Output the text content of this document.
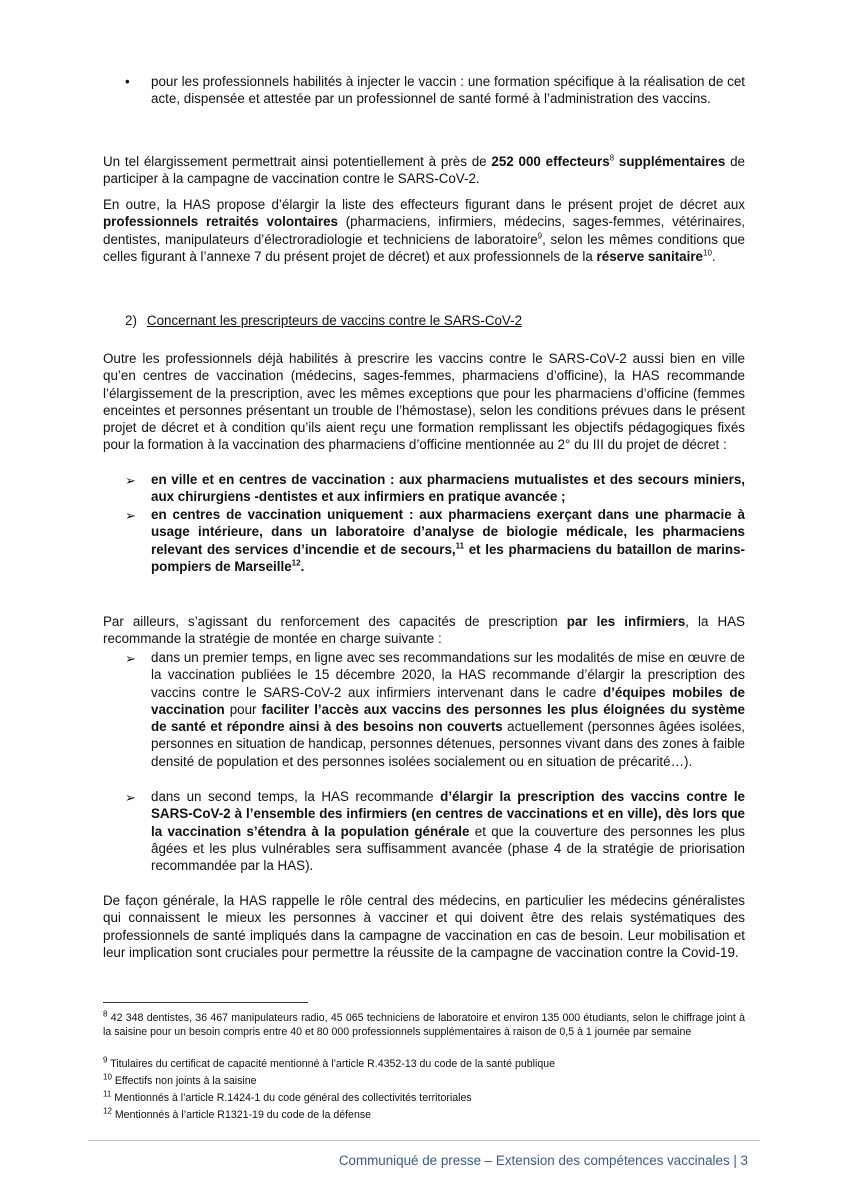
• pour les professionnels habilités à injecter le vaccin : une formation spécifique à la réalisation de cet acte, dispensée et attestée par un professionnel de santé formé à l’administration des vaccins.

Un tel élargissement permettrait ainsi potentiellement à près de 252 000 effecteurs$^8$ supplémentaires de participer à la campagne de vaccination contre le SARS-CoV-2.

En outre, la HAS propose d’élargir la liste des effecteurs figurant dans le présent projet de décret aux professionnels retraités volontaires (pharmaciens, infirmiers, médecins, sages-femmes, vétérinaires, dentistes, manipulateurs d’électroradiologie et techniciens de laboratoire$^9$, selon les mêmes conditions que celles figurant à l’annexe 7 du présent projet de décret) et aux professionnels de la réserve sanitaire$^{10}$.

2) Concernant les prescripteurs de vaccins contre le SARS-CoV-2

Outre les professionnels déjà habilités à prescrire les vaccins contre le SARS-CoV-2 aussi bien en ville qu’en centres de vaccination (médecins, sages-femmes, pharmaciens d’officine), la HAS recommande l’élargissement de la prescription, avec les mêmes exceptions que pour les pharmaciens d’officine (femmes enceintes et personnes présentant un trouble de l’hémostase), selon les conditions prévues dans le présent projet de décret et à condition qu’ils aient reçu une formation remplissant les objectifs pédagogiques fixés pour la formation à la vaccination des pharmaciens d’officine mentionnée au 2° du III du projet de décret :

➢ en ville et en centres de vaccination : aux pharmaciens mutualistes et des secours miniers, aux chirurgiens -dentistes et aux infirmiers en pratique avancée ;

➢ en centres de vaccination uniquement : aux pharmaciens exerçant dans une pharmacie à usage intérieure, dans un laboratoire d’analyse de biologie médicale, les pharmaciens relevant des services d’incendie et de secours,$^{11}$ et les pharmaciens du bataillon de marins-pompiers de Marseille$^{12}$.

Par ailleurs, s’agissant du renforcement des capacités de prescription par les infirmiers, la HAS recommande la stratégie de montée en charge suivante :

➢ dans un premier temps, en ligne avec ses recommandations sur les modalités de mise en œuvre de la vaccination publiées le 15 décembre 2020, la HAS recommande d’élargir la prescription des vaccins contre le SARS-CoV-2 aux infirmiers intervenant dans le cadre d’équipes mobiles de vaccination pour faciliter l’accès aux vaccins des personnes les plus éloignées du système de santé et répondre ainsi à des besoins non couverts actuellement (personnes âgées isolées, personnes en situation de handicap, personnes détenues, personnes vivant dans des zones à faible densité de population et des personnes isolées socialement ou en situation de précarité…).

➢ dans un second temps, la HAS recommande d’élargir la prescription des vaccins contre le SARS-CoV-2 à l’ensemble des infirmiers (en centres de vaccinations et en ville), dès lors que la vaccination s’étendra à la population générale et que la couverture des personnes les plus âgées et les plus vulnérables sera suffisamment avancée (phase 4 de la stratégie de priorisation recommandée par la HAS).

De façon générale, la HAS rappelle le rôle central des médecins, en particulier les médecins généralistes qui connaissent le mieux les personnes à vacciner et qui doivent être des relais systématiques des professionnels de santé impliqués dans la campagne de vaccination en cas de besoin. Leur mobilisation et leur implication sont cruciales pour permettre la réussite de la campagne de vaccination contre la Covid-19.

$^8$ 42 348 dentistes, 36 467 manipulateurs radio, 45 065 techniciens de laboratoire et environ 135 000 étudiants, selon le chiffrage joint à la saisine pour un besoin compris entre 40 et 80 000 professionnels supplémentaires à raison de 0,5 à 1 journée par semaine
$^9$ Titulaires du certificat de capacité mentionné à l’article R.4352-13 du code de la santé publique
$^{10}$ Effectifs non joints à la saisine
$^{11}$ Mentionnés à l’article R.1424-1 du code général des collectivités territoriales
$^{12}$ Mentionnés à l’article R1321-19 du code de la défense
Communiqué de presse – Extension des compétences vaccinales | 3
